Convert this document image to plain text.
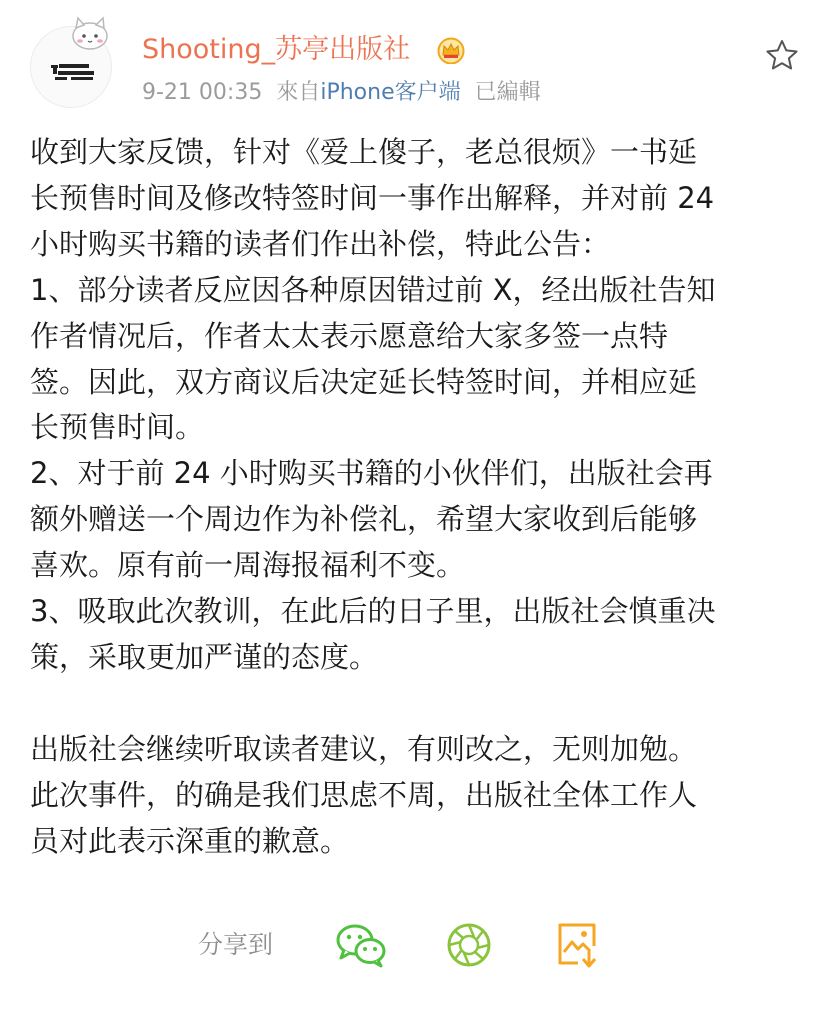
Shooting_苏亭出版社
9-21 00:35 來自iPhone客户端 已編輯

收到大家反馈，针对《爱上傻子，老总很烦》一书延

长预售时间及修改特签时间一事作出解释，并对前 24

小时购买书籍的读者们作出补偿，特此公告：

1、部分读者反应因各种原因错过前 X，经出版社告知

作者情况后，作者太太表示愿意给大家多签一点特

签。因此，双方商议后决定延长特签时间，并相应延

长预售时间。

2、对于前 24 小时购买书籍的小伙伴们，出版社会再

额外赠送一个周边作为补偿礼，希望大家收到后能够

喜欢。原有前一周海报福利不变。

3、吸取此次教训，在此后的日子里，出版社会慎重决

策，采取更加严谨的态度。

出版社会继续听取读者建议，有则改之，无则加勉。

此次事件，的确是我们思虑不周，出版社全体工作人

员对此表示深重的歉意。

分享到
